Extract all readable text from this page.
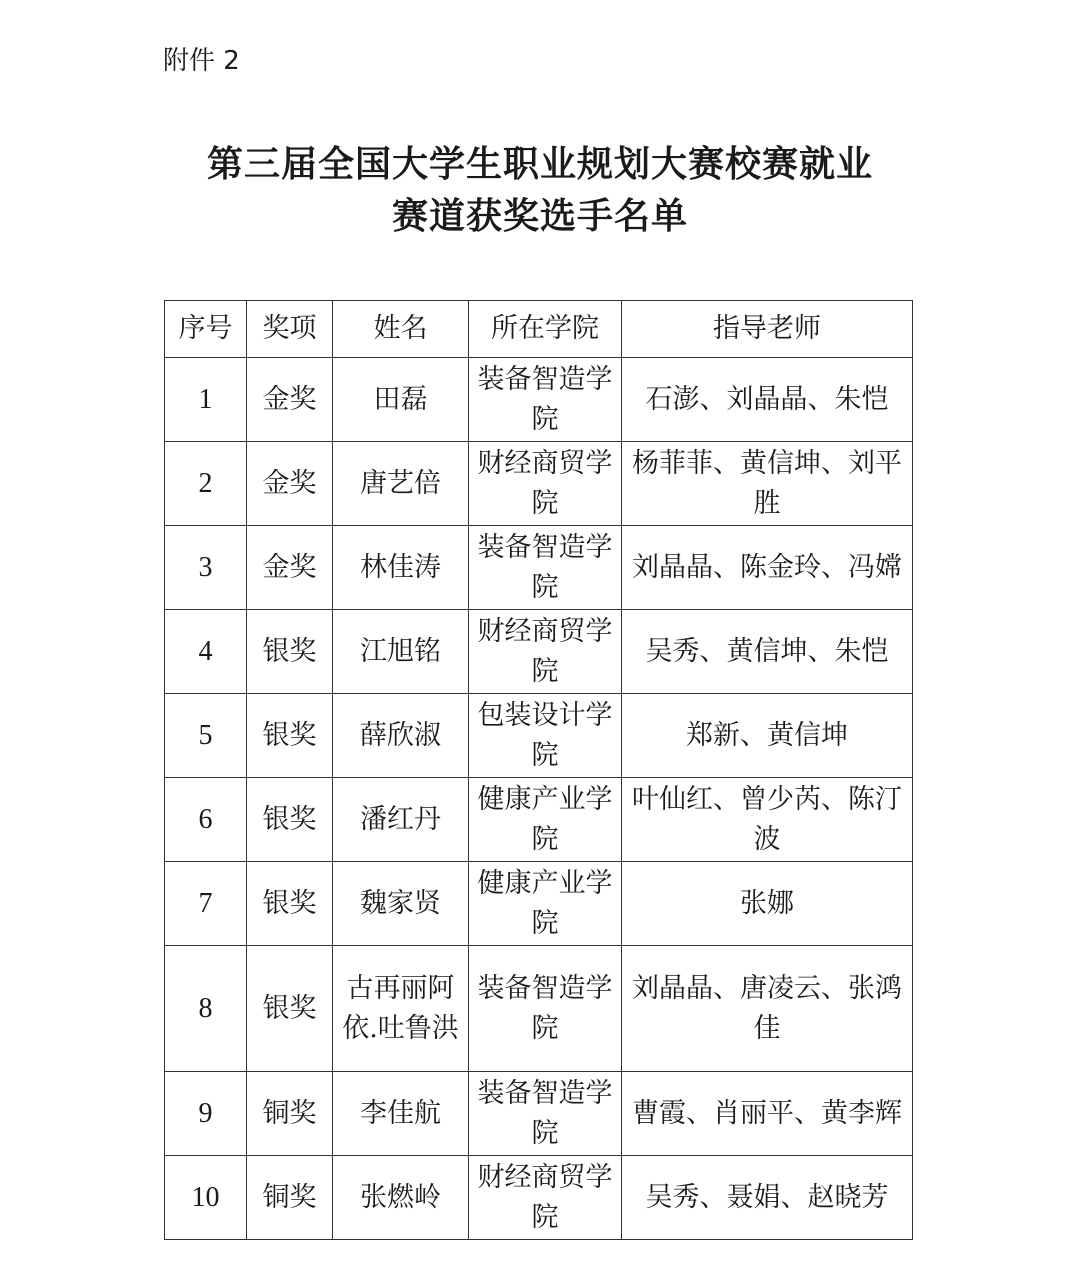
附件 2
第三届全国大学生职业规划大赛校赛就业
赛道获奖选手名单
序号	奖项	姓名	所在学院	指导老师
1	金奖	田磊	装备智造学院	石澎、刘晶晶、朱恺
2	金奖	唐艺倍	财经商贸学院	杨菲菲、黄信坤、刘平胜
3	金奖	林佳涛	装备智造学院	刘晶晶、陈金玲、冯嫦
4	银奖	江旭铭	财经商贸学院	吴秀、黄信坤、朱恺
5	银奖	薛欣淑	包装设计学院	郑新、黄信坤
6	银奖	潘红丹	健康产业学院	叶仙红、曾少芮、陈汀波
7	银奖	魏家贤	健康产业学院	张娜
8	银奖	古再丽阿依.吐鲁洪	装备智造学院	刘晶晶、唐凌云、张鸿佳
9	铜奖	李佳航	装备智造学院	曹霞、肖丽平、黄李辉
10	铜奖	张燃岭	财经商贸学院	吴秀、聂娟、赵晓芳
